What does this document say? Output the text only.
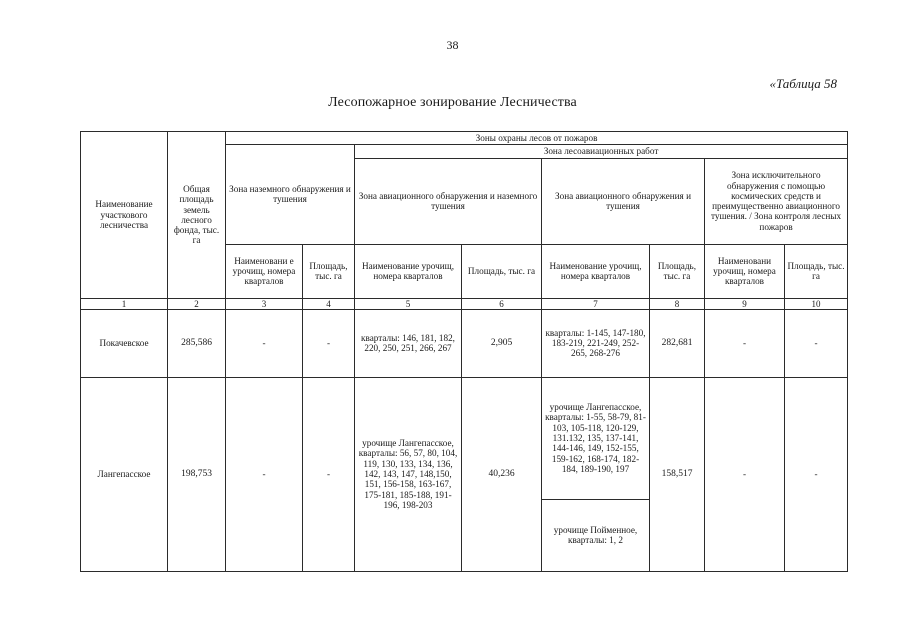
38
«Таблица 58
Лесопожарное зонирование Лесничества
Наименование участкового лесничества	Общая площадь земель лесного фонда, тыс. га	Зоны охраны лесов от пожаров							
		Зона наземного обнаружения и тушения		Зона лесоавиационных работ					
				Зона авиационного обнаружения и наземного тушения		Зона авиационного обнаружения и тушения		Зона исключительного обнаружения с помощью космических средств и преимущественно авиационного тушения. / Зона контроля лесных пожаров	
		Наименовани е урочищ, номера кварталов	Площадь, тыс. га	Наименование урочищ, номера кварталов	Площадь, тыс. га	Наименование урочищ, номера кварталов	Площадь, тыс. га	Наименовани урочищ, номера кварталов	Площадь, тыс. га
1	2	3	4	5	6	7	8	9	10
Покачевское	285,586	-	-	кварталы: 146, 181, 182, 220, 250, 251, 266, 267	2,905	кварталы: 1-145, 147-180, 183-219, 221-249, 252-265, 268-276	282,681	-	-
Лангепасское	198,753	-	-	урочище Лангепасское, кварталы: 56, 57, 80, 104, 119, 130, 133, 134, 136, 142, 143, 147, 148,150, 151, 156-158, 163-167, 175-181, 185-188, 191-196, 198-203	40,236	урочище Лангепасское, кварталы: 1-55, 58-79, 81-103, 105-118, 120-129, 131.132, 135, 137-141, 144-146, 149, 152-155, 159-162, 168-174, 182-184, 189-190, 197	158,517	-	-
						урочище Пойменное, кварталы: 1, 2			
